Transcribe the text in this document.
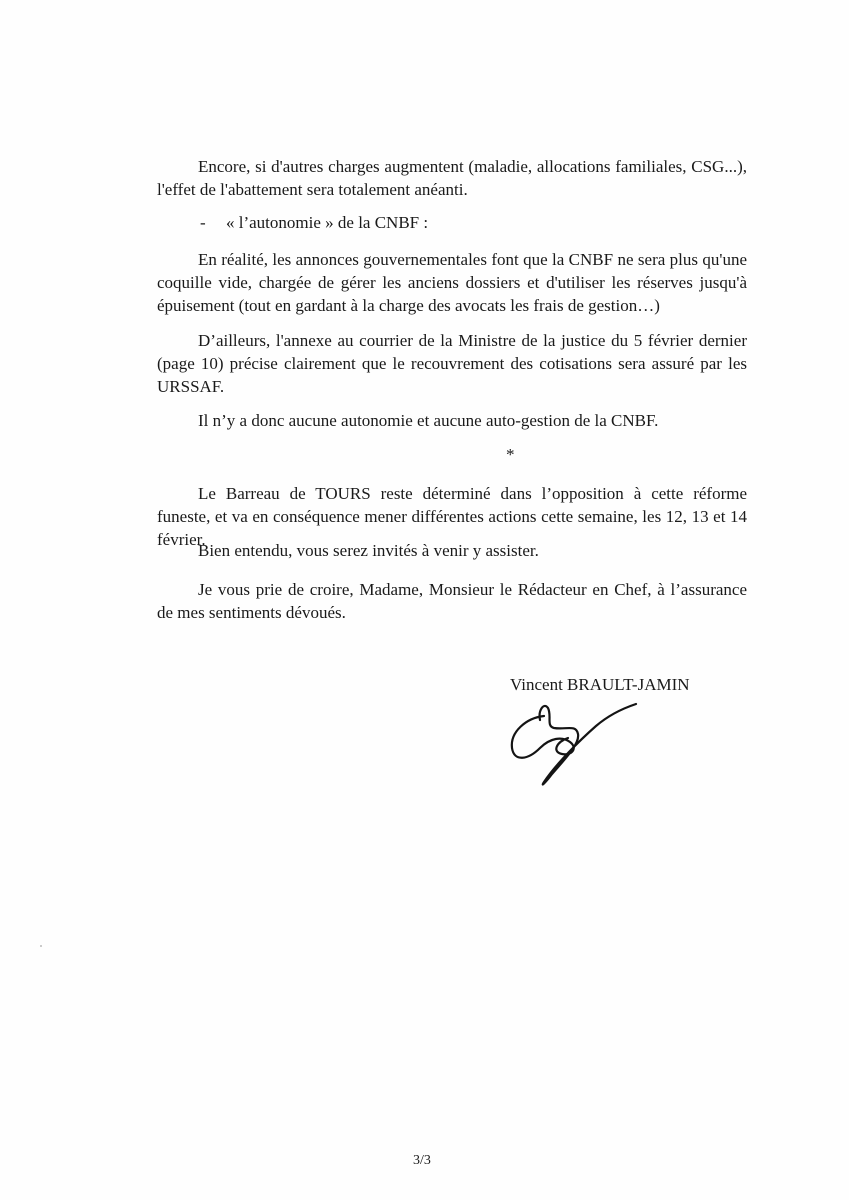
Encore, si d'autres charges augmentent (maladie, allocations familiales, CSG...), l'effet de l'abattement sera totalement anéanti.

- « l’autonomie » de la CNBF :

En réalité, les annonces gouvernementales font que la CNBF ne sera plus qu'une coquille vide, chargée de gérer les anciens dossiers et d'utiliser les réserves jusqu'à épuisement (tout en gardant à la charge des avocats les frais de gestion…)

D’ailleurs, l'annexe au courrier de la Ministre de la justice du 5 février dernier (page 10) précise clairement que le recouvrement des cotisations sera assuré par les URSSAF.

Il n’y a donc aucune autonomie et aucune auto-gestion de la CNBF.

*

Le Barreau de TOURS reste déterminé dans l’opposition à cette réforme funeste, et va en conséquence mener différentes actions cette semaine, les 12, 13 et 14 février.

Bien entendu, vous serez invités à venir y assister.

Je vous prie de croire, Madame, Monsieur le Rédacteur en Chef, à l’assurance de mes sentiments dévoués.

Vincent BRAULT-JAMIN
3/3
